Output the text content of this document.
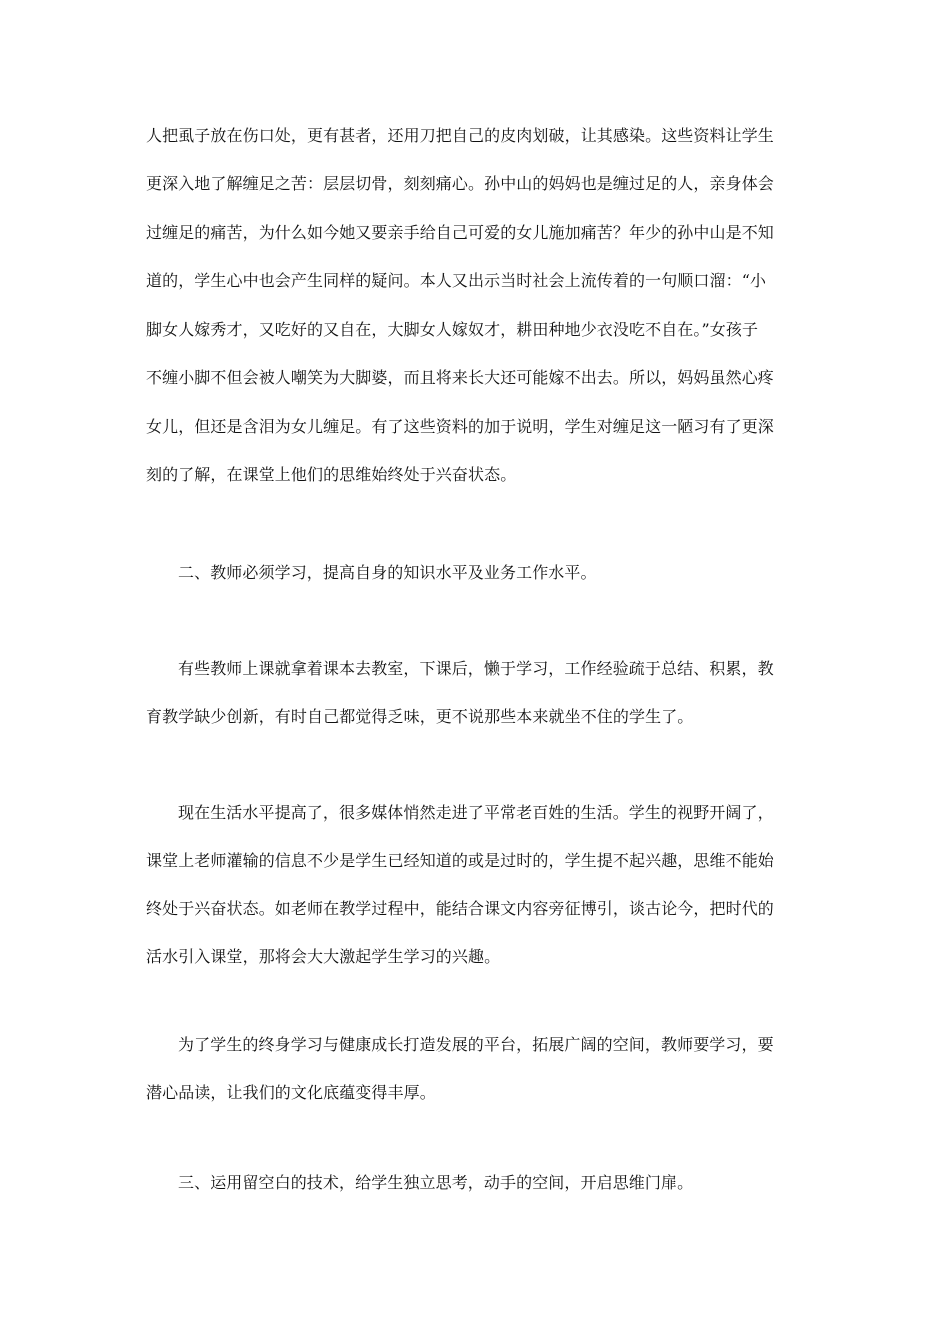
人把虱子放在伤口处，更有甚者，还用刀把自己的皮肉划破，让其感染。这些资料让学生
更深入地了解缠足之苦：层层切骨，刻刻痛心。孙中山的妈妈也是缠过足的人，亲身体会
过缠足的痛苦，为什么如今她又要亲手给自己可爱的女儿施加痛苦？年少的孙中山是不知
道的，学生心中也会产生同样的疑问。本人又出示当时社会上流传着的一句顺口溜：“小
脚女人嫁秀才，又吃好的又自在，大脚女人嫁奴才，耕田种地少衣没吃不自在。”女孩子
不缠小脚不但会被人嘲笑为大脚婆，而且将来长大还可能嫁不出去。所以，妈妈虽然心疼
女儿，但还是含泪为女儿缠足。有了这些资料的加于说明，学生对缠足这一陋习有了更深
刻的了解，在课堂上他们的思维始终处于兴奋状态。
二、教师必须学习，提高自身的知识水平及业务工作水平。
有些教师上课就拿着课本去教室，下课后，懒于学习，工作经验疏于总结、积累，教
育教学缺少创新，有时自己都觉得乏味，更不说那些本来就坐不住的学生了。
现在生活水平提高了，很多媒体悄然走进了平常老百姓的生活。学生的视野开阔了，
课堂上老师灌输的信息不少是学生已经知道的或是过时的，学生提不起兴趣，思维不能始
终处于兴奋状态。如老师在教学过程中，能结合课文内容旁征博引，谈古论今，把时代的
活水引入课堂，那将会大大激起学生学习的兴趣。
为了学生的终身学习与健康成长打造发展的平台，拓展广阔的空间，教师要学习，要
潜心品读，让我们的文化底蕴变得丰厚。
三、运用留空白的技术，给学生独立思考，动手的空间，开启思维门扉。
